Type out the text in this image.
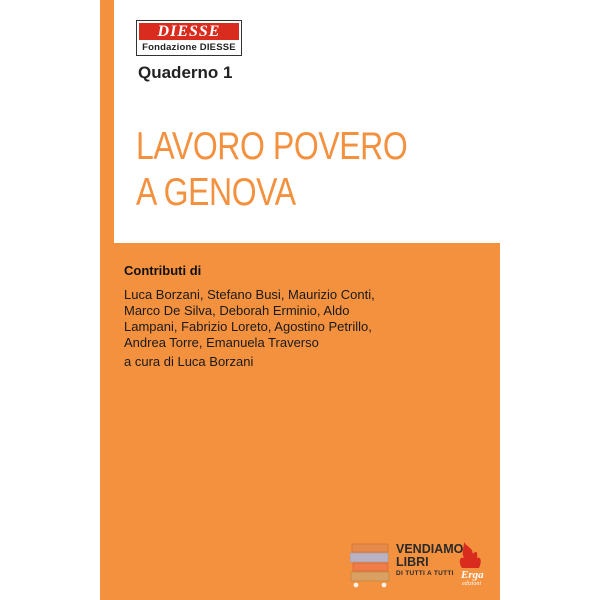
DIESSE
Fondazione DIESSE
Quaderno 1
LAVORO POVERO
A GENOVA
Contributi di
Luca Borzani, Stefano Busi, Maurizio Conti,
Marco De Silva, Deborah Erminio, Aldo
Lampani, Fabrizio Loreto, Agostino Petrillo,
Andrea Torre, Emanuela Traverso
a cura di Luca Borzani
VENDIAMO
LIBRI
DI TUTTI A TUTTI Erga
edizioni
